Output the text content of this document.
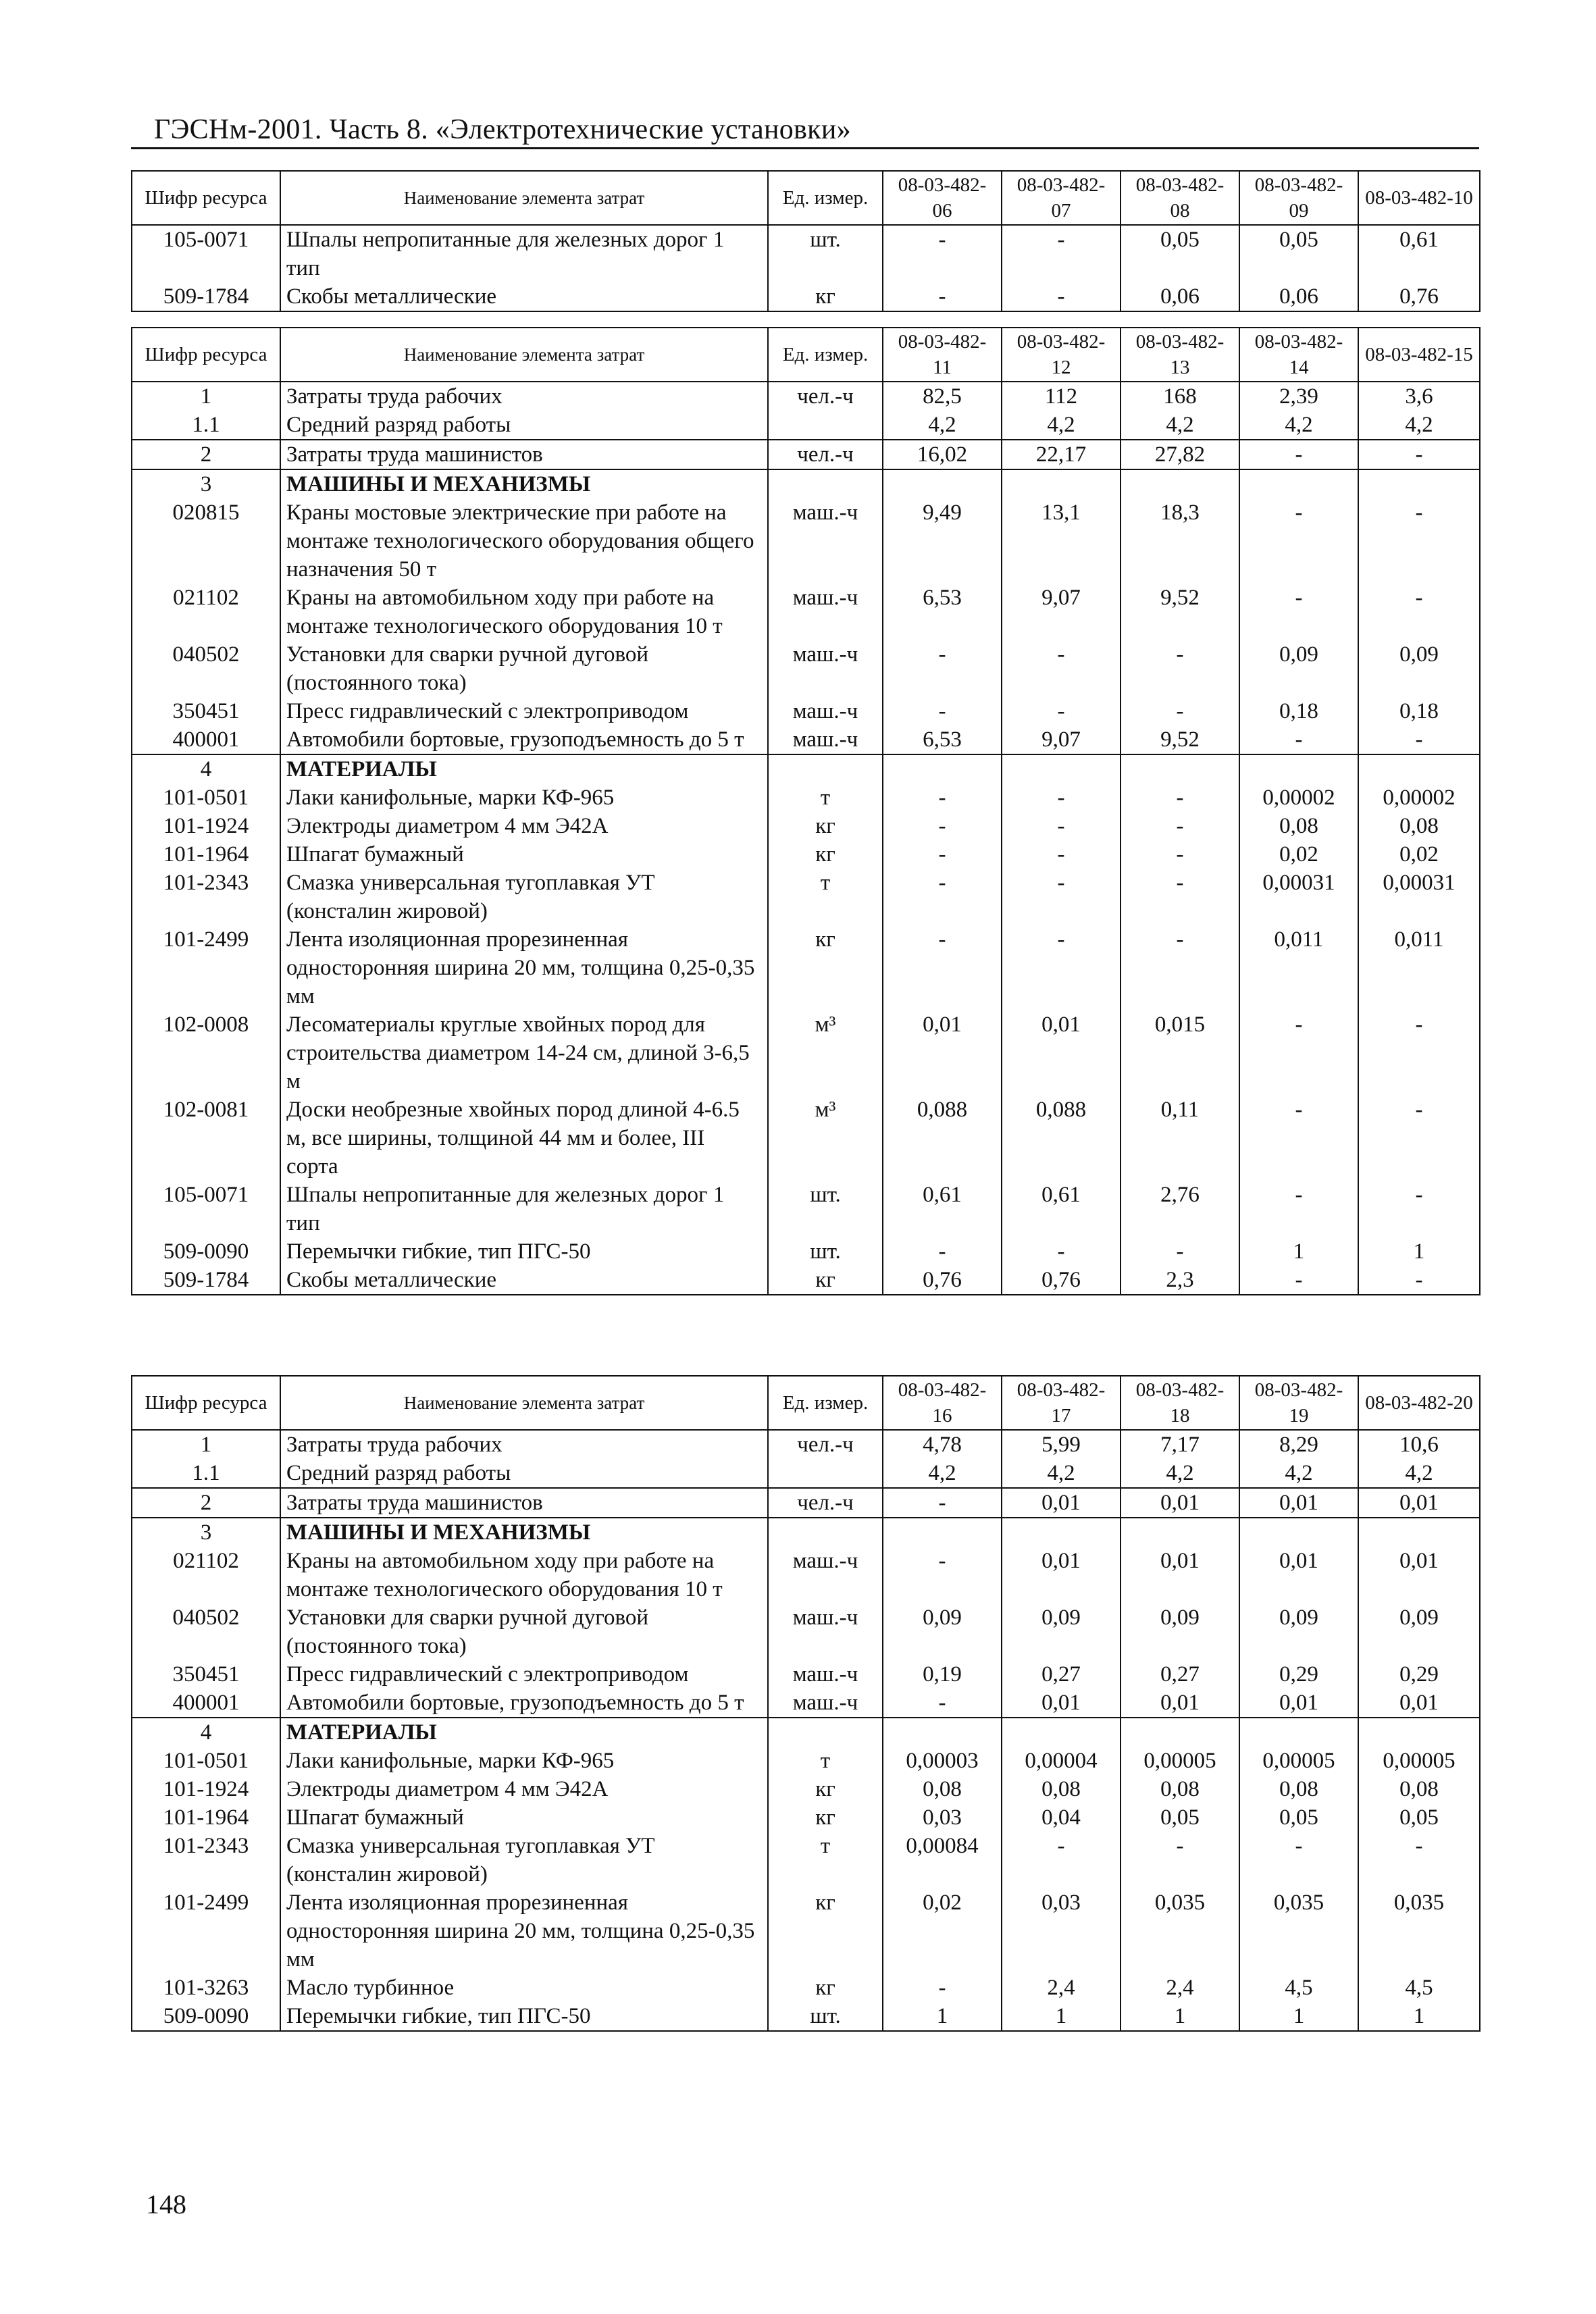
ГЭСНм-2001. Часть 8. «Электротехнические установки»
Шифр ресурса	Наименование элемента затрат	Ед. измер.	08-03-482-06	08-03-482-07	08-03-482-08	08-03-482-09	08-03-482-10
105-0071	Шпалы непропитанные для железных дорог 1 тип	шт.	-	-	0,05	0,05	0,61
509-1784	Скобы металлические	кг	-	-	0,06	0,06	0,76
Шифр ресурса	Наименование элемента затрат	Ед. измер.	08-03-482-11	08-03-482-12	08-03-482-13	08-03-482-14	08-03-482-15
1	Затраты труда рабочих	чел.-ч	82,5	112	168	2,39	3,6
1.1	Средний разряд работы		4,2	4,2	4,2	4,2	4,2
2	Затраты труда машинистов	чел.-ч	16,02	22,17	27,82	-	-
3	МАШИНЫ И МЕХАНИЗМЫ						
020815	Краны мостовые электрические при работе на монтаже технологического оборудования общего назначения 50 т	маш.-ч	9,49	13,1	18,3	-	-
021102	Краны на автомобильном ходу при работе на монтаже технологического оборудования 10 т	маш.-ч	6,53	9,07	9,52	-	-
040502	Установки для сварки ручной дуговой (постоянного тока)	маш.-ч	-	-	-	0,09	0,09
350451	Пресс гидравлический с электроприводом	маш.-ч	-	-	-	0,18	0,18
400001	Автомобили бортовые, грузоподъемность до 5 т	маш.-ч	6,53	9,07	9,52	-	-
4	МАТЕРИАЛЫ						
101-0501	Лаки канифольные, марки КФ-965	т	-	-	-	0,00002	0,00002
101-1924	Электроды диаметром 4 мм Э42А	кг	-	-	-	0,08	0,08
101-1964	Шпагат бумажный	кг	-	-	-	0,02	0,02
101-2343	Смазка универсальная тугоплавкая УТ (консталин жировой)	т	-	-	-	0,00031	0,00031
101-2499	Лента изоляционная прорезиненная односторонняя ширина 20 мм, толщина 0,25-0,35 мм	кг	-	-	-	0,011	0,011
102-0008	Лесоматериалы круглые хвойных пород для строительства диаметром 14-24 см, длиной 3-6,5 м	м³	0,01	0,01	0,015	-	-
102-0081	Доски необрезные хвойных пород длиной 4-6.5 м, все ширины, толщиной 44 мм и более, III сорта	м³	0,088	0,088	0,11	-	-
105-0071	Шпалы непропитанные для железных дорог 1 тип	шт.	0,61	0,61	2,76	-	-
509-0090	Перемычки гибкие, тип ПГС-50	шт.	-	-	-	1	1
509-1784	Скобы металлические	кг	0,76	0,76	2,3	-	-
Шифр ресурса	Наименование элемента затрат	Ед. измер.	08-03-482-16	08-03-482-17	08-03-482-18	08-03-482-19	08-03-482-20
1	Затраты труда рабочих	чел.-ч	4,78	5,99	7,17	8,29	10,6
1.1	Средний разряд работы		4,2	4,2	4,2	4,2	4,2
2	Затраты труда машинистов	чел.-ч	-	0,01	0,01	0,01	0,01
3	МАШИНЫ И МЕХАНИЗМЫ						
021102	Краны на автомобильном ходу при работе на монтаже технологического оборудования 10 т	маш.-ч	-	0,01	0,01	0,01	0,01
040502	Установки для сварки ручной дуговой (постоянного тока)	маш.-ч	0,09	0,09	0,09	0,09	0,09
350451	Пресс гидравлический с электроприводом	маш.-ч	0,19	0,27	0,27	0,29	0,29
400001	Автомобили бортовые, грузоподъемность до 5 т	маш.-ч	-	0,01	0,01	0,01	0,01
4	МАТЕРИАЛЫ						
101-0501	Лаки канифольные, марки КФ-965	т	0,00003	0,00004	0,00005	0,00005	0,00005
101-1924	Электроды диаметром 4 мм Э42А	кг	0,08	0,08	0,08	0,08	0,08
101-1964	Шпагат бумажный	кг	0,03	0,04	0,05	0,05	0,05
101-2343	Смазка универсальная тугоплавкая УТ (консталин жировой)	т	0,00084	-	-	-	-
101-2499	Лента изоляционная прорезиненная односторонняя ширина 20 мм, толщина 0,25-0,35 мм	кг	0,02	0,03	0,035	0,035	0,035
101-3263	Масло турбинное	кг	-	2,4	2,4	4,5	4,5
509-0090	Перемычки гибкие, тип ПГС-50	шт.	1	1	1	1	1
148
